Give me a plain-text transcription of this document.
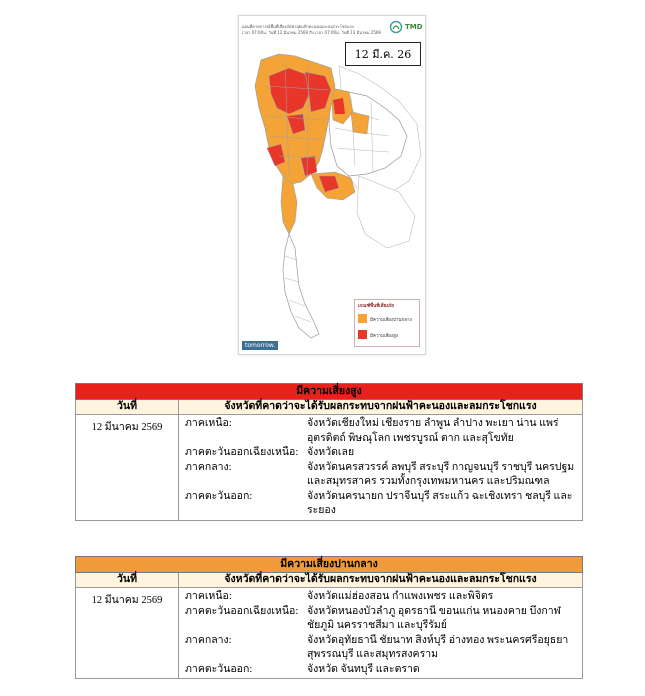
แผนที่คาดการณ์พื้นที่เสี่ยงภัยพายุฝนฟ้าคะนองและลมกระโชกแรง
เวลา 07:00น. วันที่ 12 มีนาคม 2569 ถึง เวลา 07:00น. วันที่ 13 มีนาคม 2569
TMD
12 มี.ค. 26
เกณฑ์พื้นที่เสี่ยงภัย
มีความเสี่ยงปานกลาง
มีความเสี่ยงสูง
tomorrow.
มีความเสี่ยงสูง
วันที่	จังหวัดที่คาดว่าจะได้รับผลกระทบจากฝนฟ้าคะนองและลมกระโชกแรง
12 มีนาคม 2569	ภาคเหนือ:	จังหวัดเชียงใหม่ เชียงราย ลำพูน ลำปาง พะเยา น่าน แพร่
อุตรดิตถ์ พิษณุโลก เพชรบูรณ์ ตาก และสุโขทัย

ภาคตะวันออกเฉียงเหนือ:	จังหวัดเลย

ภาคกลาง:	จังหวัดนครสวรรค์ ลพบุรี สระบุรี กาญจนบุรี ราชบุรี นครปฐม
และสมุทรสาคร รวมทั้งกรุงเทพมหานคร และปริมณฑล

ภาคตะวันออก:	จังหวัดนครนายก ปราจีนบุรี สระแก้ว ฉะเชิงเทรา ชลบุรี และ
ระยอง
มีความเสี่ยงปานกลาง
วันที่	จังหวัดที่คาดว่าจะได้รับผลกระทบจากฝนฟ้าคะนองและลมกระโชกแรง
12 มีนาคม 2569	ภาคเหนือ:	จังหวัดแม่ฮ่องสอน กำแพงเพชร และพิจิตร

ภาคตะวันออกเฉียงเหนือ:	จังหวัดหนองบัวลำภู อุดรธานี ขอนแก่น หนองคาย บึงกาฬ
ชัยภูมิ นครราชสีมา และบุรีรัมย์

ภาคกลาง:	จังหวัดอุทัยธานี ชัยนาท สิงห์บุรี อ่างทอง พระนครศรีอยุธยา
สุพรรณบุรี และสมุทรสงคราม

ภาคตะวันออก:	จังหวัด จันทบุรี และตราด
